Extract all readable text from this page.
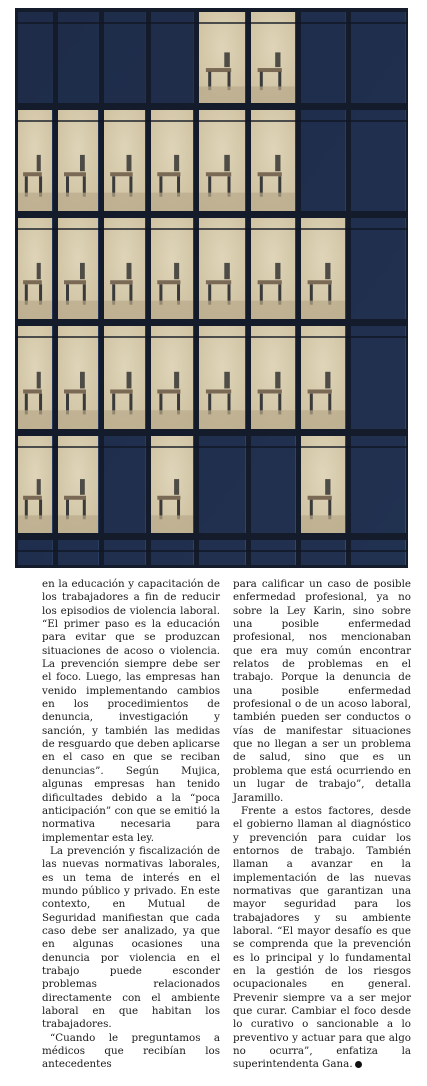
en la educación y capacitación de los trabajadores a fin de reducir los episodios de violencia laboral. “El primer paso es la educación para evitar que se produzcan situaciones de acoso o violencia. La prevención siempre debe ser el foco. Luego, las empresas han venido implementando cambios en los procedimientos de denuncia, investigación y sanción, y también las medidas de resguardo que deben aplicarse en el caso en que se reciban denuncias”. Según Mujica, algunas empresas han tenido dificultades debido a la “poca anticipación” con que se emitió la normativa necesaria para implementar esta ley.

La prevención y fiscalización de las nuevas normativas laborales, es un tema de interés en el mundo público y privado. En este contexto, en Mutual de Seguridad manifiestan que cada caso debe ser analizado, ya que en algunas ocasiones una denuncia por violencia en el trabajo puede esconder problemas relacionados directamente con el ambiente laboral en que habitan los trabajadores.

“Cuando le preguntamos a médicos que recibían los antecedentes

para calificar un caso de posible enfermedad profesional, ya no sobre la Ley Karin, sino sobre una posible enfermedad profesional, nos mencionaban que era muy común encontrar relatos de problemas en el trabajo. Porque la denuncia de una posible enfermedad profesional o de un acoso laboral, también pueden ser conductos o vías de manifestar situaciones que no llegan a ser un problema de salud, sino que es un problema que está ocurriendo en un lugar de trabajo”, detalla Jaramillo.

Frente a estos factores, desde el gobierno llaman al diagnóstico y prevención para cuidar los entornos de trabajo. También llaman a avanzar en la implementación de las nuevas normativas que garantizan una mayor seguridad para los trabajadores y su ambiente laboral. “El mayor desafío es que se comprenda que la prevención es lo principal y lo fundamental en la gestión de los riesgos ocupacionales en general. Prevenir siempre va a ser mejor que curar. Cambiar el foco desde lo curativo o sancionable a lo preventivo y actuar para que algo no ocurra”, enfatiza la superintendenta Gana.
